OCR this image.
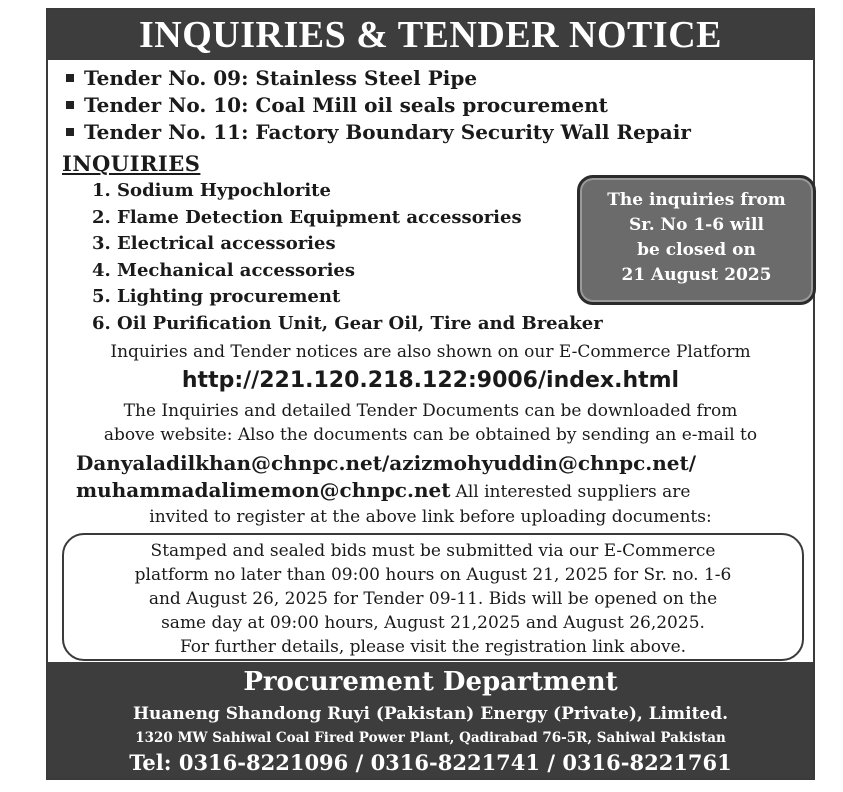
INQUIRIES & TENDER NOTICE
Tender No. 09: Stainless Steel Pipe
Tender No. 10: Coal Mill oil seals procurement
Tender No. 11: Factory Boundary Security Wall Repair
INQUIRIES
1. Sodium Hypochlorite
2. Flame Detection Equipment accessories
3. Electrical accessories
4. Mechanical accessories
5. Lighting procurement
6. Oil Purification Unit, Gear Oil, Tire and Breaker
The inquiries from
Sr. No 1-6 will
be closed on
21 August 2025
Inquiries and Tender notices are also shown on our E-Commerce Platform
http://221.120.218.122:9006/index.html
The Inquiries and detailed Tender Documents can be downloaded from
above website: Also the documents can be obtained by sending an e-mail to
Danyaladilkhan@chnpc.net/azizmohyuddin@chnpc.net/
muhammadalimemon@chnpc.net All interested suppliers are
invited to register at the above link before uploading documents:
Stamped and sealed bids must be submitted via our E-Commerce
platform no later than 09:00 hours on August 21, 2025 for Sr. no. 1-6
and August 26, 2025 for Tender 09-11. Bids will be opened on the
same day at 09:00 hours, August 21,2025 and August 26,2025.
For further details, please visit the registration link above.
Procurement Department
Huaneng Shandong Ruyi (Pakistan) Energy (Private), Limited.
1320 MW Sahiwal Coal Fired Power Plant, Qadirabad 76-5R, Sahiwal Pakistan
Tel: 0316-8221096 / 0316-8221741 / 0316-8221761
